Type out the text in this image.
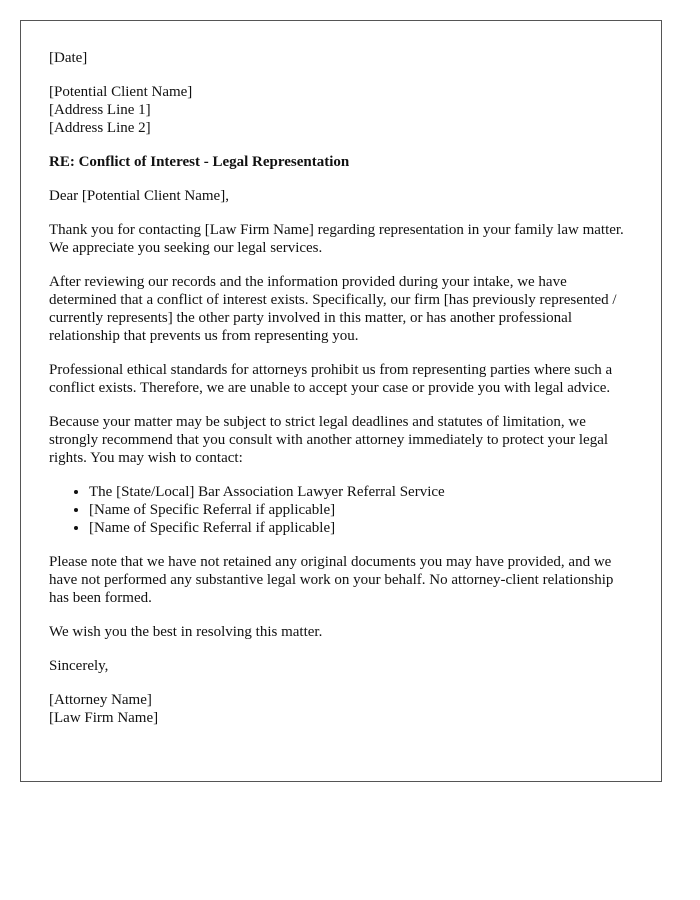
[Date]
[Potential Client Name]
[Address Line 1]
[Address Line 2]
RE: Conflict of Interest - Legal Representation

Dear [Potential Client Name],

Thank you for contacting [Law Firm Name] regarding representation in your family law matter. We appreciate you seeking our legal services.

After reviewing our records and the information provided during your intake, we have determined that a conflict of interest exists. Specifically, our firm [has previously represented / currently represents] the other party involved in this matter, or has another professional relationship that prevents us from representing you.

Professional ethical standards for attorneys prohibit us from representing parties where such a conflict exists. Therefore, we are unable to accept your case or provide you with legal advice.

Because your matter may be subject to strict legal deadlines and statutes of limitation, we strongly recommend that you consult with another attorney immediately to protect your legal rights. You may wish to contact:

• The [State/Local] Bar Association Lawyer Referral Service
• [Name of Specific Referral if applicable]
• [Name of Specific Referral if applicable]

Please note that we have not retained any original documents you may have provided, and we have not performed any substantive legal work on your behalf. No attorney-client relationship has been formed.

We wish you the best in resolving this matter.

Sincerely,

[Attorney Name]
[Law Firm Name]
